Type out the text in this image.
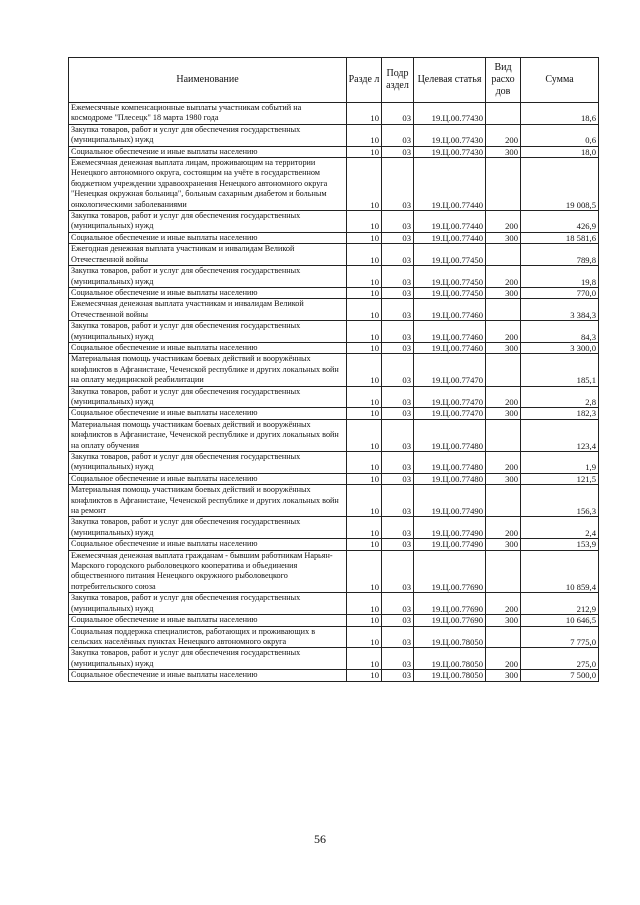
Наименование	Разде л	Подр аздел	Целевая статья	Вид расхо дов	Сумма
Ежемесячные компенсационные выплаты участникам событий на космодроме "Плесецк" 18 марта 1980 года	10	03	19.Ц.00.77430		18,6
Закупка товаров, работ и услуг для обеспечения государственных (муниципальных) нужд	10	03	19.Ц.00.77430	200	0,6
Социальное обеспечение и иные выплаты населению	10	03	19.Ц.00.77430	300	18,0
Ежемесячная денежная выплата лицам, проживающим на территории Ненецкого автономного округа, состоящим на учёте в государственном бюджетном учреждении здравоохранения Ненецкого автономного округа "Ненецкая окружная больница", больным сахарным диабетом и больным онкологическими заболеваниями	10	03	19.Ц.00.77440		19 008,5
Закупка товаров, работ и услуг для обеспечения государственных (муниципальных) нужд	10	03	19.Ц.00.77440	200	426,9
Социальное обеспечение и иные выплаты населению	10	03	19.Ц.00.77440	300	18 581,6
Ежегодная денежная выплата участникам и инвалидам Великой Отечественной войны	10	03	19.Ц.00.77450		789,8
Закупка товаров, работ и услуг для обеспечения государственных (муниципальных) нужд	10	03	19.Ц.00.77450	200	19,8
Социальное обеспечение и иные выплаты населению	10	03	19.Ц.00.77450	300	770,0
Ежемесячная денежная выплата участникам и инвалидам Великой Отечественной войны	10	03	19.Ц.00.77460		3 384,3
Закупка товаров, работ и услуг для обеспечения государственных (муниципальных) нужд	10	03	19.Ц.00.77460	200	84,3
Социальное обеспечение и иные выплаты населению	10	03	19.Ц.00.77460	300	3 300,0
Материальная помощь участникам боевых действий и вооружённых конфликтов в Афганистане, Чеченской республике и других локальных войн на оплату медицинской реабилитации	10	03	19.Ц.00.77470		185,1
Закупка товаров, работ и услуг для обеспечения государственных (муниципальных) нужд	10	03	19.Ц.00.77470	200	2,8
Социальное обеспечение и иные выплаты населению	10	03	19.Ц.00.77470	300	182,3
Материальная помощь участникам боевых действий и вооружённых конфликтов в Афганистане, Чеченской республике и других локальных войн на оплату обучения	10	03	19.Ц.00.77480		123,4
Закупка товаров, работ и услуг для обеспечения государственных (муниципальных) нужд	10	03	19.Ц.00.77480	200	1,9
Социальное обеспечение и иные выплаты населению	10	03	19.Ц.00.77480	300	121,5
Материальная помощь участникам боевых действий и вооружённых конфликтов в Афганистане, Чеченской республике и других локальных войн на ремонт	10	03	19.Ц.00.77490		156,3
Закупка товаров, работ и услуг для обеспечения государственных (муниципальных) нужд	10	03	19.Ц.00.77490	200	2,4
Социальное обеспечение и иные выплаты населению	10	03	19.Ц.00.77490	300	153,9
Ежемесячная денежная выплата гражданам - бывшим работникам Нарьян-Марского городского рыболовецкого кооператива и объединения общественного питания Ненецкого окружного рыболовецкого потребительского союза	10	03	19.Ц.00.77690		10 859,4
Закупка товаров, работ и услуг для обеспечения государственных (муниципальных) нужд	10	03	19.Ц.00.77690	200	212,9
Социальное обеспечение и иные выплаты населению	10	03	19.Ц.00.77690	300	10 646,5
Социальная поддержка специалистов, работающих и проживающих в сельских населённых пунктах Ненецкого автономного округа	10	03	19.Ц.00.78050		7 775,0
Закупка товаров, работ и услуг для обеспечения государственных (муниципальных) нужд	10	03	19.Ц.00.78050	200	275,0
Социальное обеспечение и иные выплаты населению	10	03	19.Ц.00.78050	300	7 500,0
56
